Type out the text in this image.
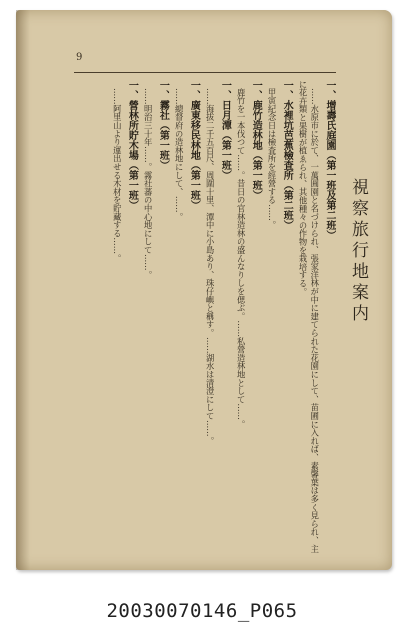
9
一、增壽氏庭園（第一班及第二班）
……水原市に於て、一萬圓園と名づけられ、張家洋林が中に建てられた花園にして、苗圃に入れば、素馨葉は多く見られ、主に花卉類と果樹が植ゑられ、其他種々の作物を栽培する。
一、水裡坑芭蕉檢査所（第二班）
甲寅紀念日は檢査所を經營する……。
一、鹿竹造林地（第一班）
鹿竹を一本伐つて……。昔日の官林造林の盛んなりしを偲ぶ。……私營造林地として……。
一、日月潭（第一班）
……海拔二千五百尺、周圍十里、潭中に小島あり、珠仔嶼と稱す。……湖水は清澄にして……。
一、廣東移民林地（第一班）
……總督府の造林地にして、……。
一、霧社（第一班）
……明治三十年……。霧社蕃の中心地にして……。
一、營林所貯木場（第一班）
……阿里山より運出せる木材を貯藏する……。	視察旅行地案内
20030070146_P065
